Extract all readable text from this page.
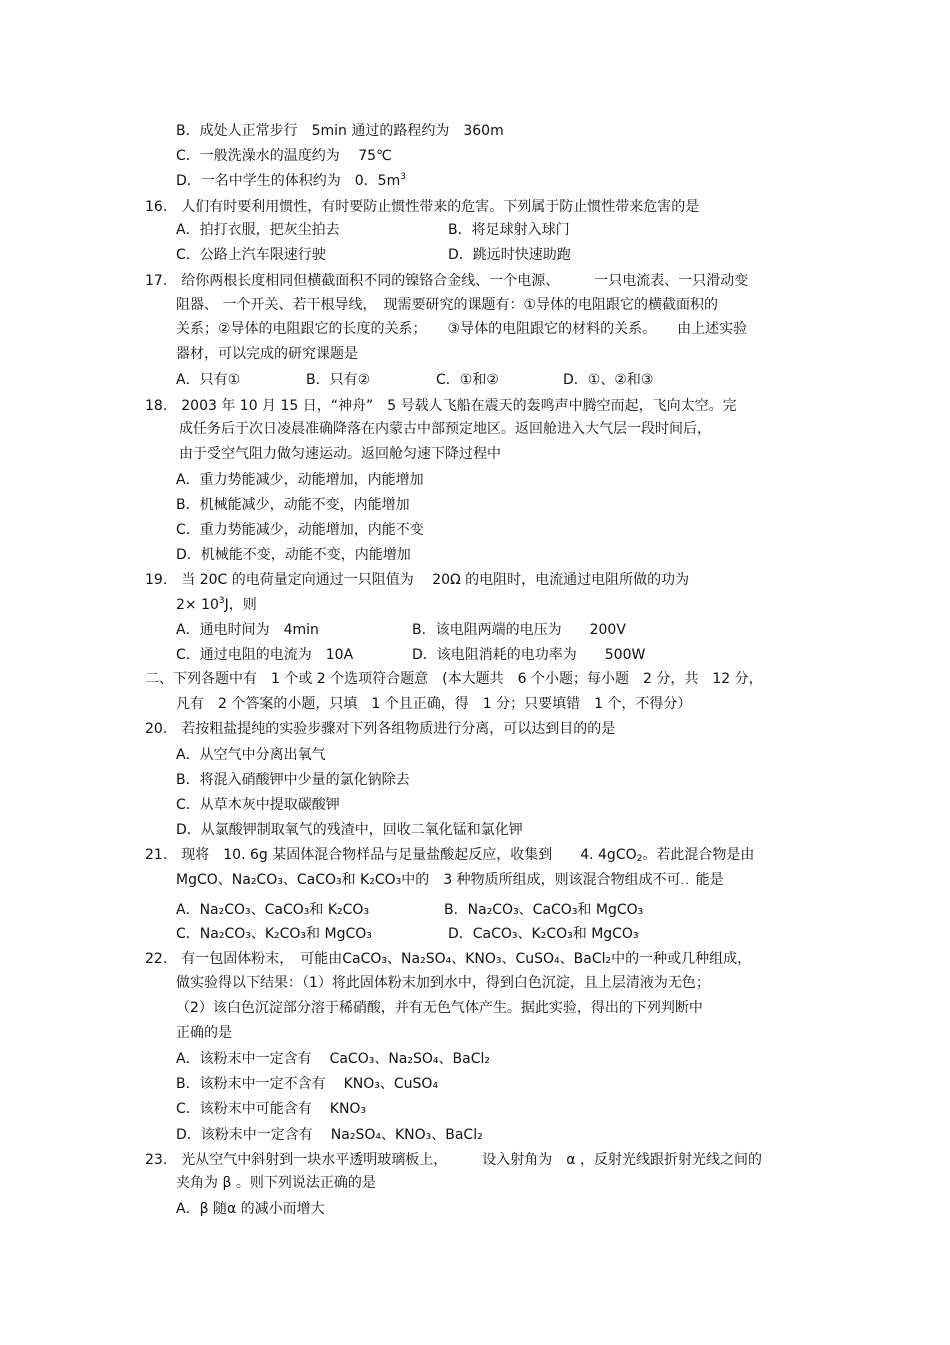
B．成处人正常步行　5min 通过的路程约为　360m
C．一般洗澡水的温度约为　 75℃
D．一名中学生的体积约为　0．$5m^3$
16.　人们有时要利用惯性，有时要防止惯性带来的危害。下列属于防止惯性带来危害的是
A．拍打衣服，把灰尘拍去	B．将足球射入球门
C．公路上汽车限速行驶	D．跳远时快速助跑
17.　给你两根长度相同但横截面积不同的镍铬合金线、一个电源、　　　一只电流表、一只滑动变
阻器、 一个开关、若干根导线，　现需要研究的课题有：①导体的电阻跟它的横截面积的
关系；②导体的电阻跟它的长度的关系；　　③导体的电阻跟它的材料的关系。　　由上述实验
器材，可以完成的研究课题是
A．只有①	B．只有②	C．①和②	D．①、②和③
18.　2003 年 10 月 15 日，“神舟”　5 号载人飞船在震天的轰鸣声中腾空而起，飞向太空。完
成任务后于次日凌晨准确降落在内蒙古中部预定地区。返回舱进入大气层一段时间后，
由于受空气阻力做匀速运动。返回舱匀速下降过程中
A．重力势能减少，动能增加，内能增加
B．机械能减少，动能不变，内能增加
C．重力势能减少，动能增加，内能不变
D．机械能不变，动能不变，内能增加
19.　当 20C 的电荷量定向通过一只阻值为　 20Ω 的电阻时，电流通过电阻所做的功为
$2\times 10^3J$，则
A．通电时间为　4min	B．该电阻两端的电压为　　200V
C．通过电阻的电流为　10A	D．该电阻消耗的电功率为　　500W
二、下列各题中有　1 个或 2 个选项符合题意　(本大题共　6 个小题；每小题　2 分，共　12 分，
凡有　2 个答案的小题，只填　1 个且正确，得　1 分；只要填错　1 个，不得分）
20.　若按粗盐提纯的实验步骤对下列各组物质进行分离，可以达到目的的是
A．从空气中分离出氧气
B．将混入硝酸钾中少量的氯化钠除去
C．从草木灰中提取碳酸钾
D．从氯酸钾制取氧气的残渣中，回收二氧化锰和氯化钾
21.　现将　10. 6g 某固体混合物样品与足量盐酸起反应，收集到　　4. 4gCO$_2$。若此混合物是由
MgCO、Na₂CO₃、CaCO₃和 K₂CO₃中的　3 种物质所组成，则该混合物组成不可．．能是
A．Na₂CO₃、CaCO₃和 K₂CO₃	B．Na₂CO₃、CaCO₃和 MgCO₃
C．Na₂CO₃、K₂CO₃和 MgCO₃	D．CaCO₃、K₂CO₃和 MgCO₃
22.　有一包固体粉末，　可能由CaCO₃、Na₂SO₄、KNO₃、CuSO₄、BaCl₂中的一种或几种组成，
做实验得以下结果：（1）将此固体粉末加到水中，得到白色沉淀，且上层清液为无色；
（2）该白色沉淀部分溶于稀硝酸，并有无色气体产生。据此实验，得出的下列判断中
正确的是
A．该粉末中一定含有 CaCO₃、Na₂SO₄、BaCl₂
B．该粉末中一定不含有 KNO₃、CuSO₄
C．该粉末中可能含有 KNO₃
D．该粉末中一定含有 Na₂SO₄、KNO₃、BaCl₂
23.　光从空气中斜射到一块水平透明玻璃板上，　　　设入射角为　α ，反射光线跟折射光线之间的
夹角为 β 。则下列说法正确的是
A．β 随α 的减小而增大
